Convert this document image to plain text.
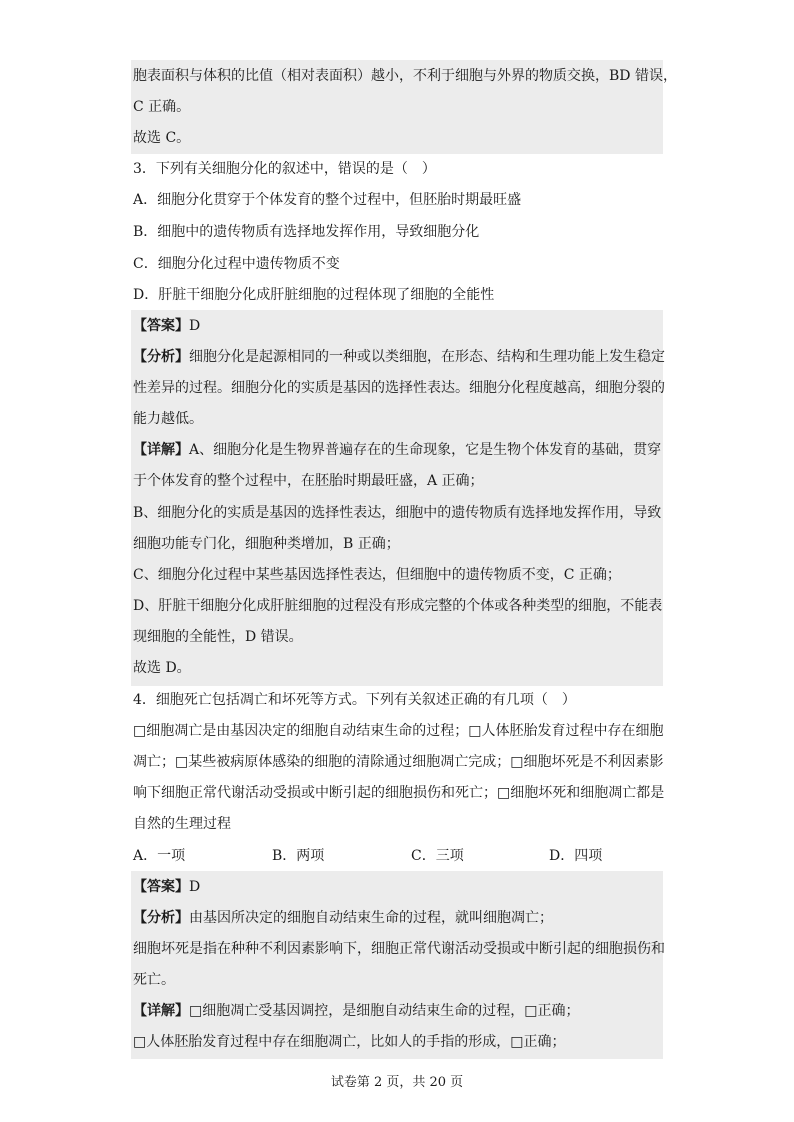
胞表面积与体积的比值（相对表面积）越小，不利于细胞与外界的物质交换，BD 错误，
C 正确。
故选 C。
3．下列有关细胞分化的叙述中，错误的是（　）
A．细胞分化贯穿于个体发育的整个过程中，但胚胎时期最旺盛
B．细胞中的遗传物质有选择地发挥作用，导致细胞分化
C．细胞分化过程中遗传物质不变
D．肝脏干细胞分化成肝脏细胞的过程体现了细胞的全能性
【答案】D
【分析】细胞分化是起源相同的一种或以类细胞，在形态、结构和生理功能上发生稳定
性差异的过程。细胞分化的实质是基因的选择性表达。细胞分化程度越高，细胞分裂的
能力越低。
【详解】A、细胞分化是生物界普遍存在的生命现象，它是生物个体发育的基础，贯穿
于个体发育的整个过程中，在胚胎时期最旺盛，A 正确；
B、细胞分化的实质是基因的选择性表达，细胞中的遗传物质有选择地发挥作用，导致
细胞功能专门化，细胞种类增加，B 正确；
C、细胞分化过程中某些基因选择性表达，但细胞中的遗传物质不变，C 正确；
D、肝脏干细胞分化成肝脏细胞的过程没有形成完整的个体或各种类型的细胞，不能表
现细胞的全能性，D 错误。
故选 D。
4．细胞死亡包括凋亡和坏死等方式。下列有关叙述正确的有几项（　）
□细胞凋亡是由基因决定的细胞自动结束生命的过程；□人体胚胎发育过程中存在细胞
凋亡；□某些被病原体感染的细胞的清除通过细胞凋亡完成；□细胞坏死是不利因素影
响下细胞正常代谢活动受损或中断引起的细胞损伤和死亡；□细胞坏死和细胞凋亡都是
自然的生理过程
A．一项	B．两项	C．三项	D．四项
【答案】D
【分析】由基因所决定的细胞自动结束生命的过程，就叫细胞凋亡；
细胞坏死是指在种种不利因素影响下，细胞正常代谢活动受损或中断引起的细胞损伤和
死亡。
【详解】□细胞凋亡受基因调控，是细胞自动结束生命的过程，□正确；
□人体胚胎发育过程中存在细胞凋亡，比如人的手指的形成，□正确；
试卷第 2 页，共 20 页
